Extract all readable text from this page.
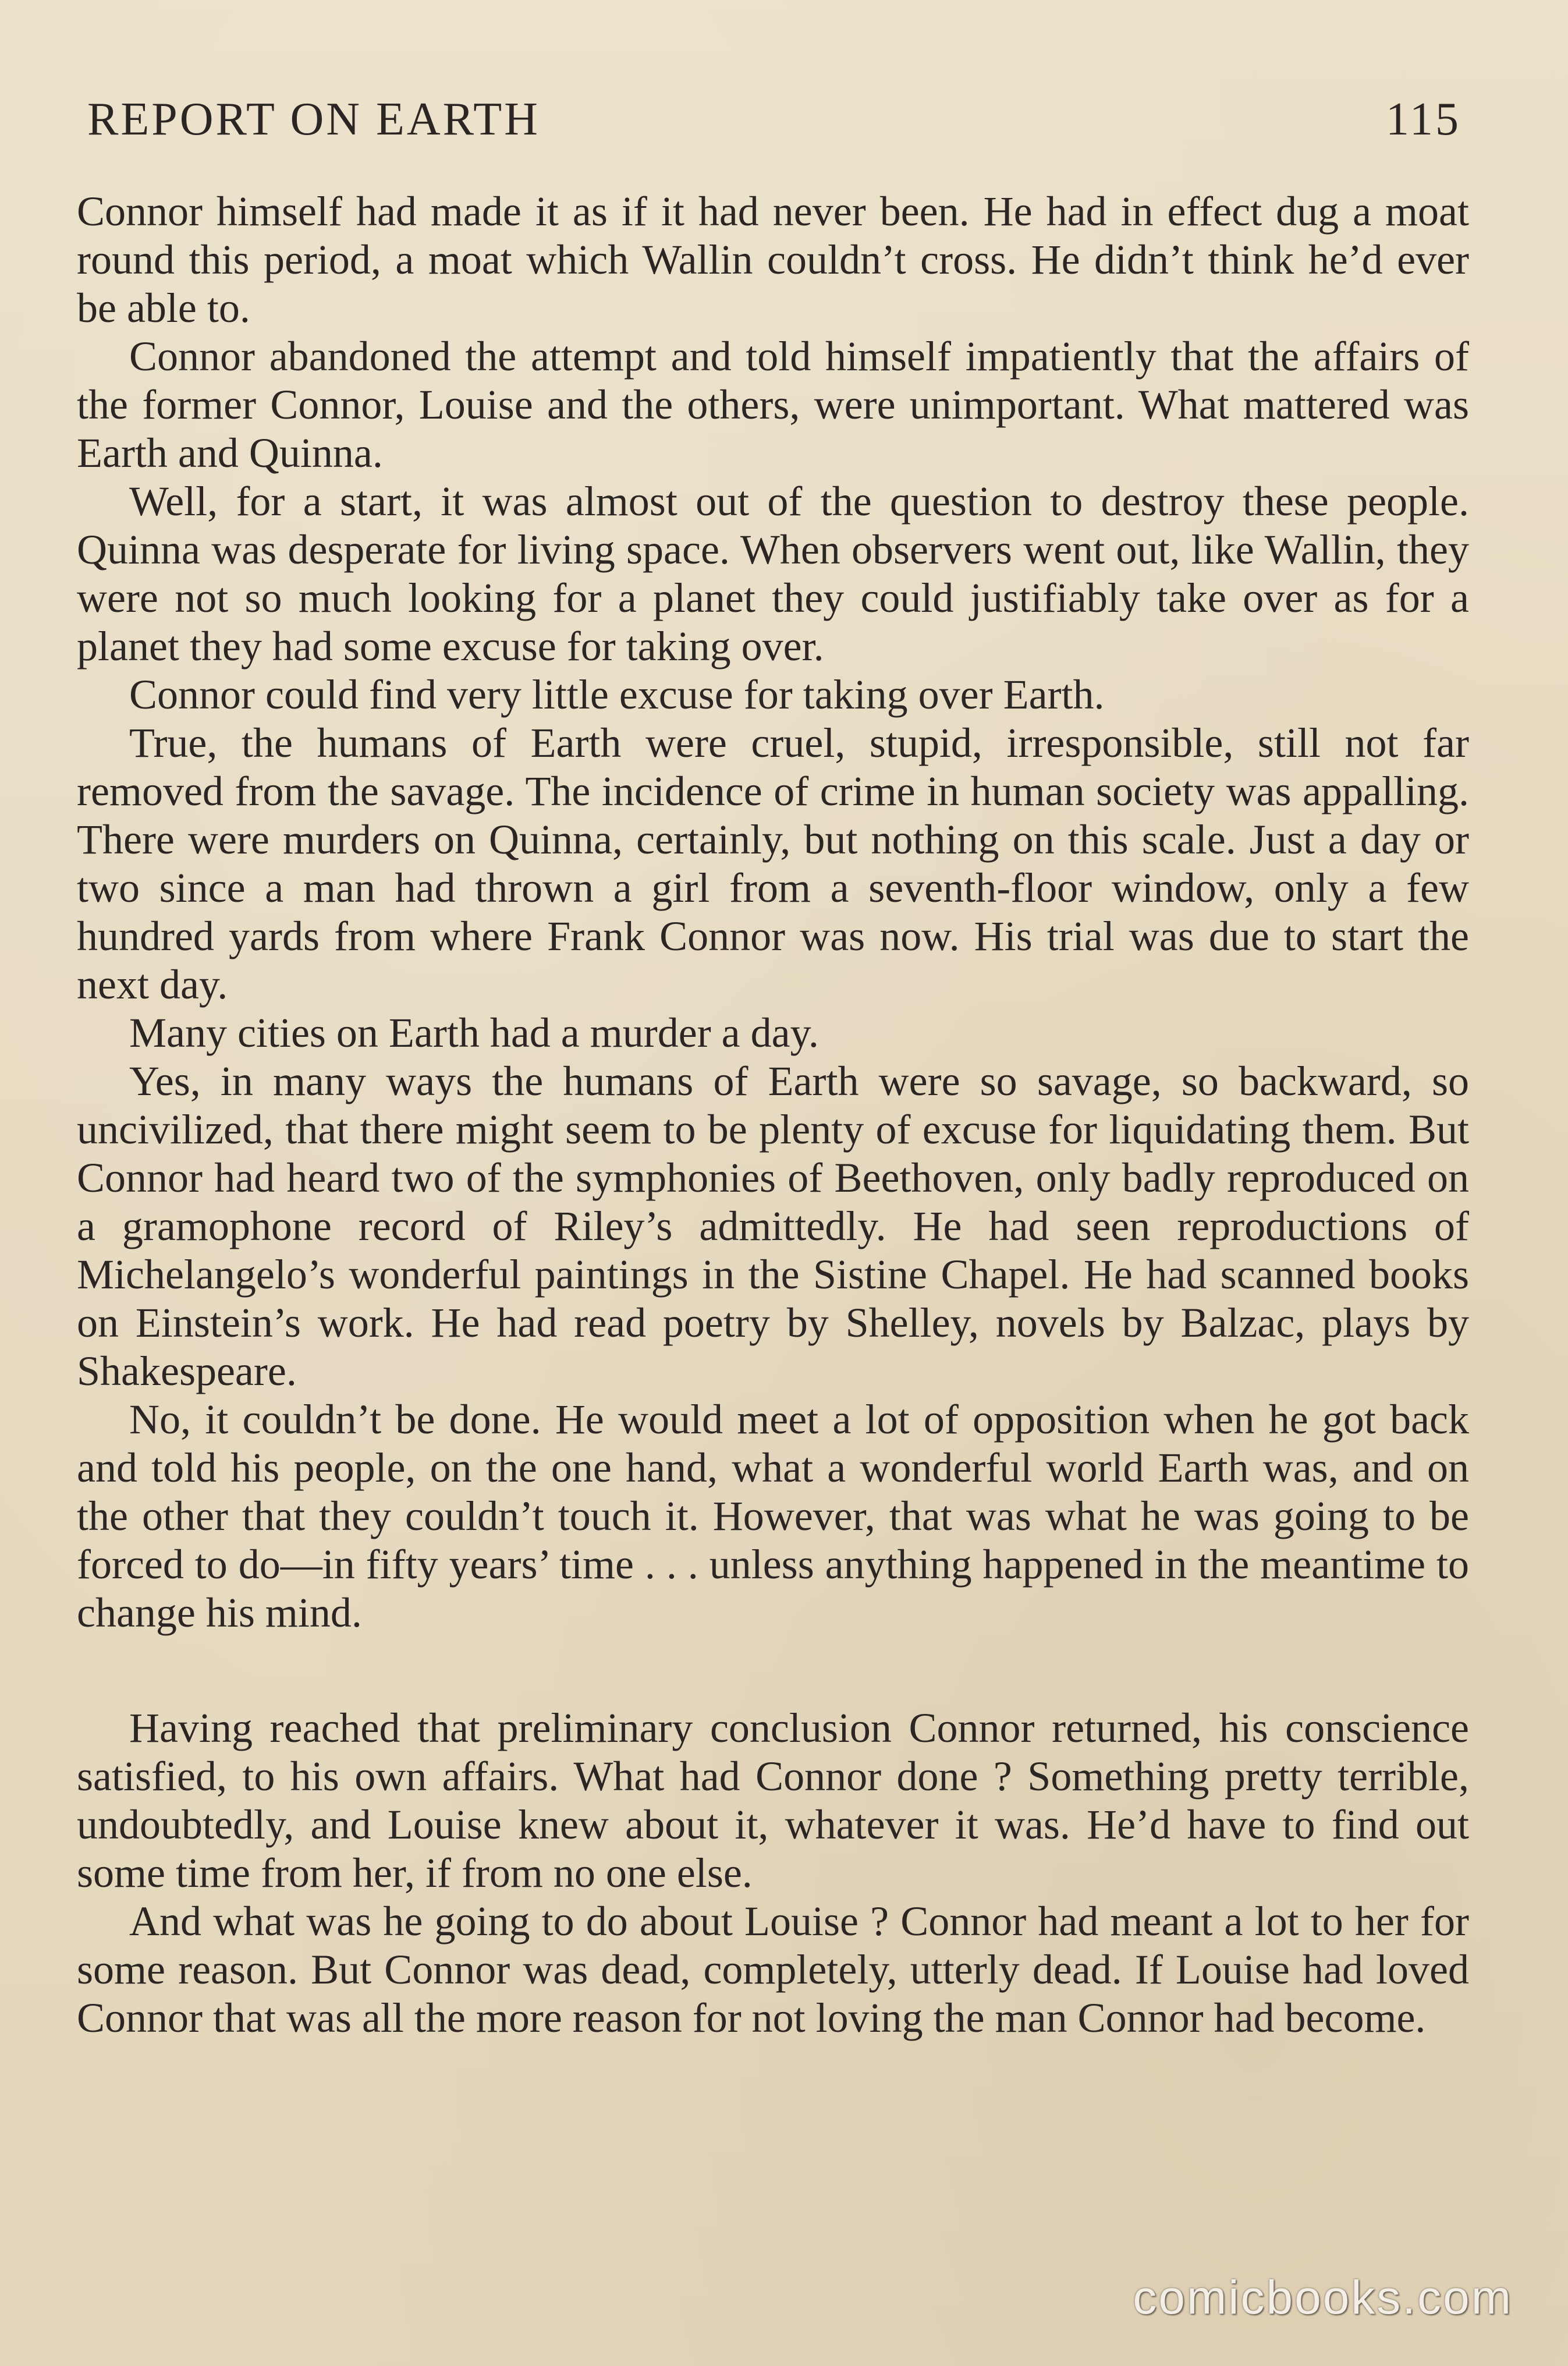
REPORT ON EARTH	115

Connor himself had made it as if it had never been. He had in effect dug a moat round this period, a moat which Wallin couldn’t cross. He didn’t think he’d ever be able to.

Connor abandoned the attempt and told himself impatiently that the affairs of the former Connor, Louise and the others, were unimportant. What mattered was Earth and Quinna.

Well, for a start, it was almost out of the question to destroy these people. Quinna was desperate for living space. When observers went out, like Wallin, they were not so much looking for a planet they could justifiably take over as for a planet they had some excuse for taking over.

Connor could find very little excuse for taking over Earth.

True, the humans of Earth were cruel, stupid, irresponsible, still not far removed from the savage. The incidence of crime in human society was appalling. There were murders on Quinna, certainly, but nothing on this scale. Just a day or two since a man had thrown a girl from a seventh-floor window, only a few hundred yards from where Frank Connor was now. His trial was due to start the next day.

Many cities on Earth had a murder a day.

Yes, in many ways the humans of Earth were so savage, so backward, so uncivilized, that there might seem to be plenty of excuse for liquidating them. But Connor had heard two of the symphonies of Beethoven, only badly reproduced on a gramophone record of Riley’s admittedly. He had seen reproductions of Michelangelo’s wonderful paintings in the Sistine Chapel. He had scanned books on Einstein’s work. He had read poetry by Shelley, novels by Balzac, plays by Shakespeare.

No, it couldn’t be done. He would meet a lot of opposition when he got back and told his people, on the one hand, what a wonderful world Earth was, and on the other that they couldn’t touch it. However, that was what he was going to be forced to do—in fifty years’ time . . . unless anything happened in the meantime to change his mind.

Having reached that preliminary conclusion Connor returned, his conscience satisfied, to his own affairs. What had Connor done ? Something pretty terrible, undoubtedly, and Louise knew about it, whatever it was. He’d have to find out some time from her, if from no one else.

And what was he going to do about Louise ? Connor had meant a lot to her for some reason. But Connor was dead, completely, utterly dead. If Louise had loved Connor that was all the more reason for not loving the man Connor had become.

comicbooks.com
